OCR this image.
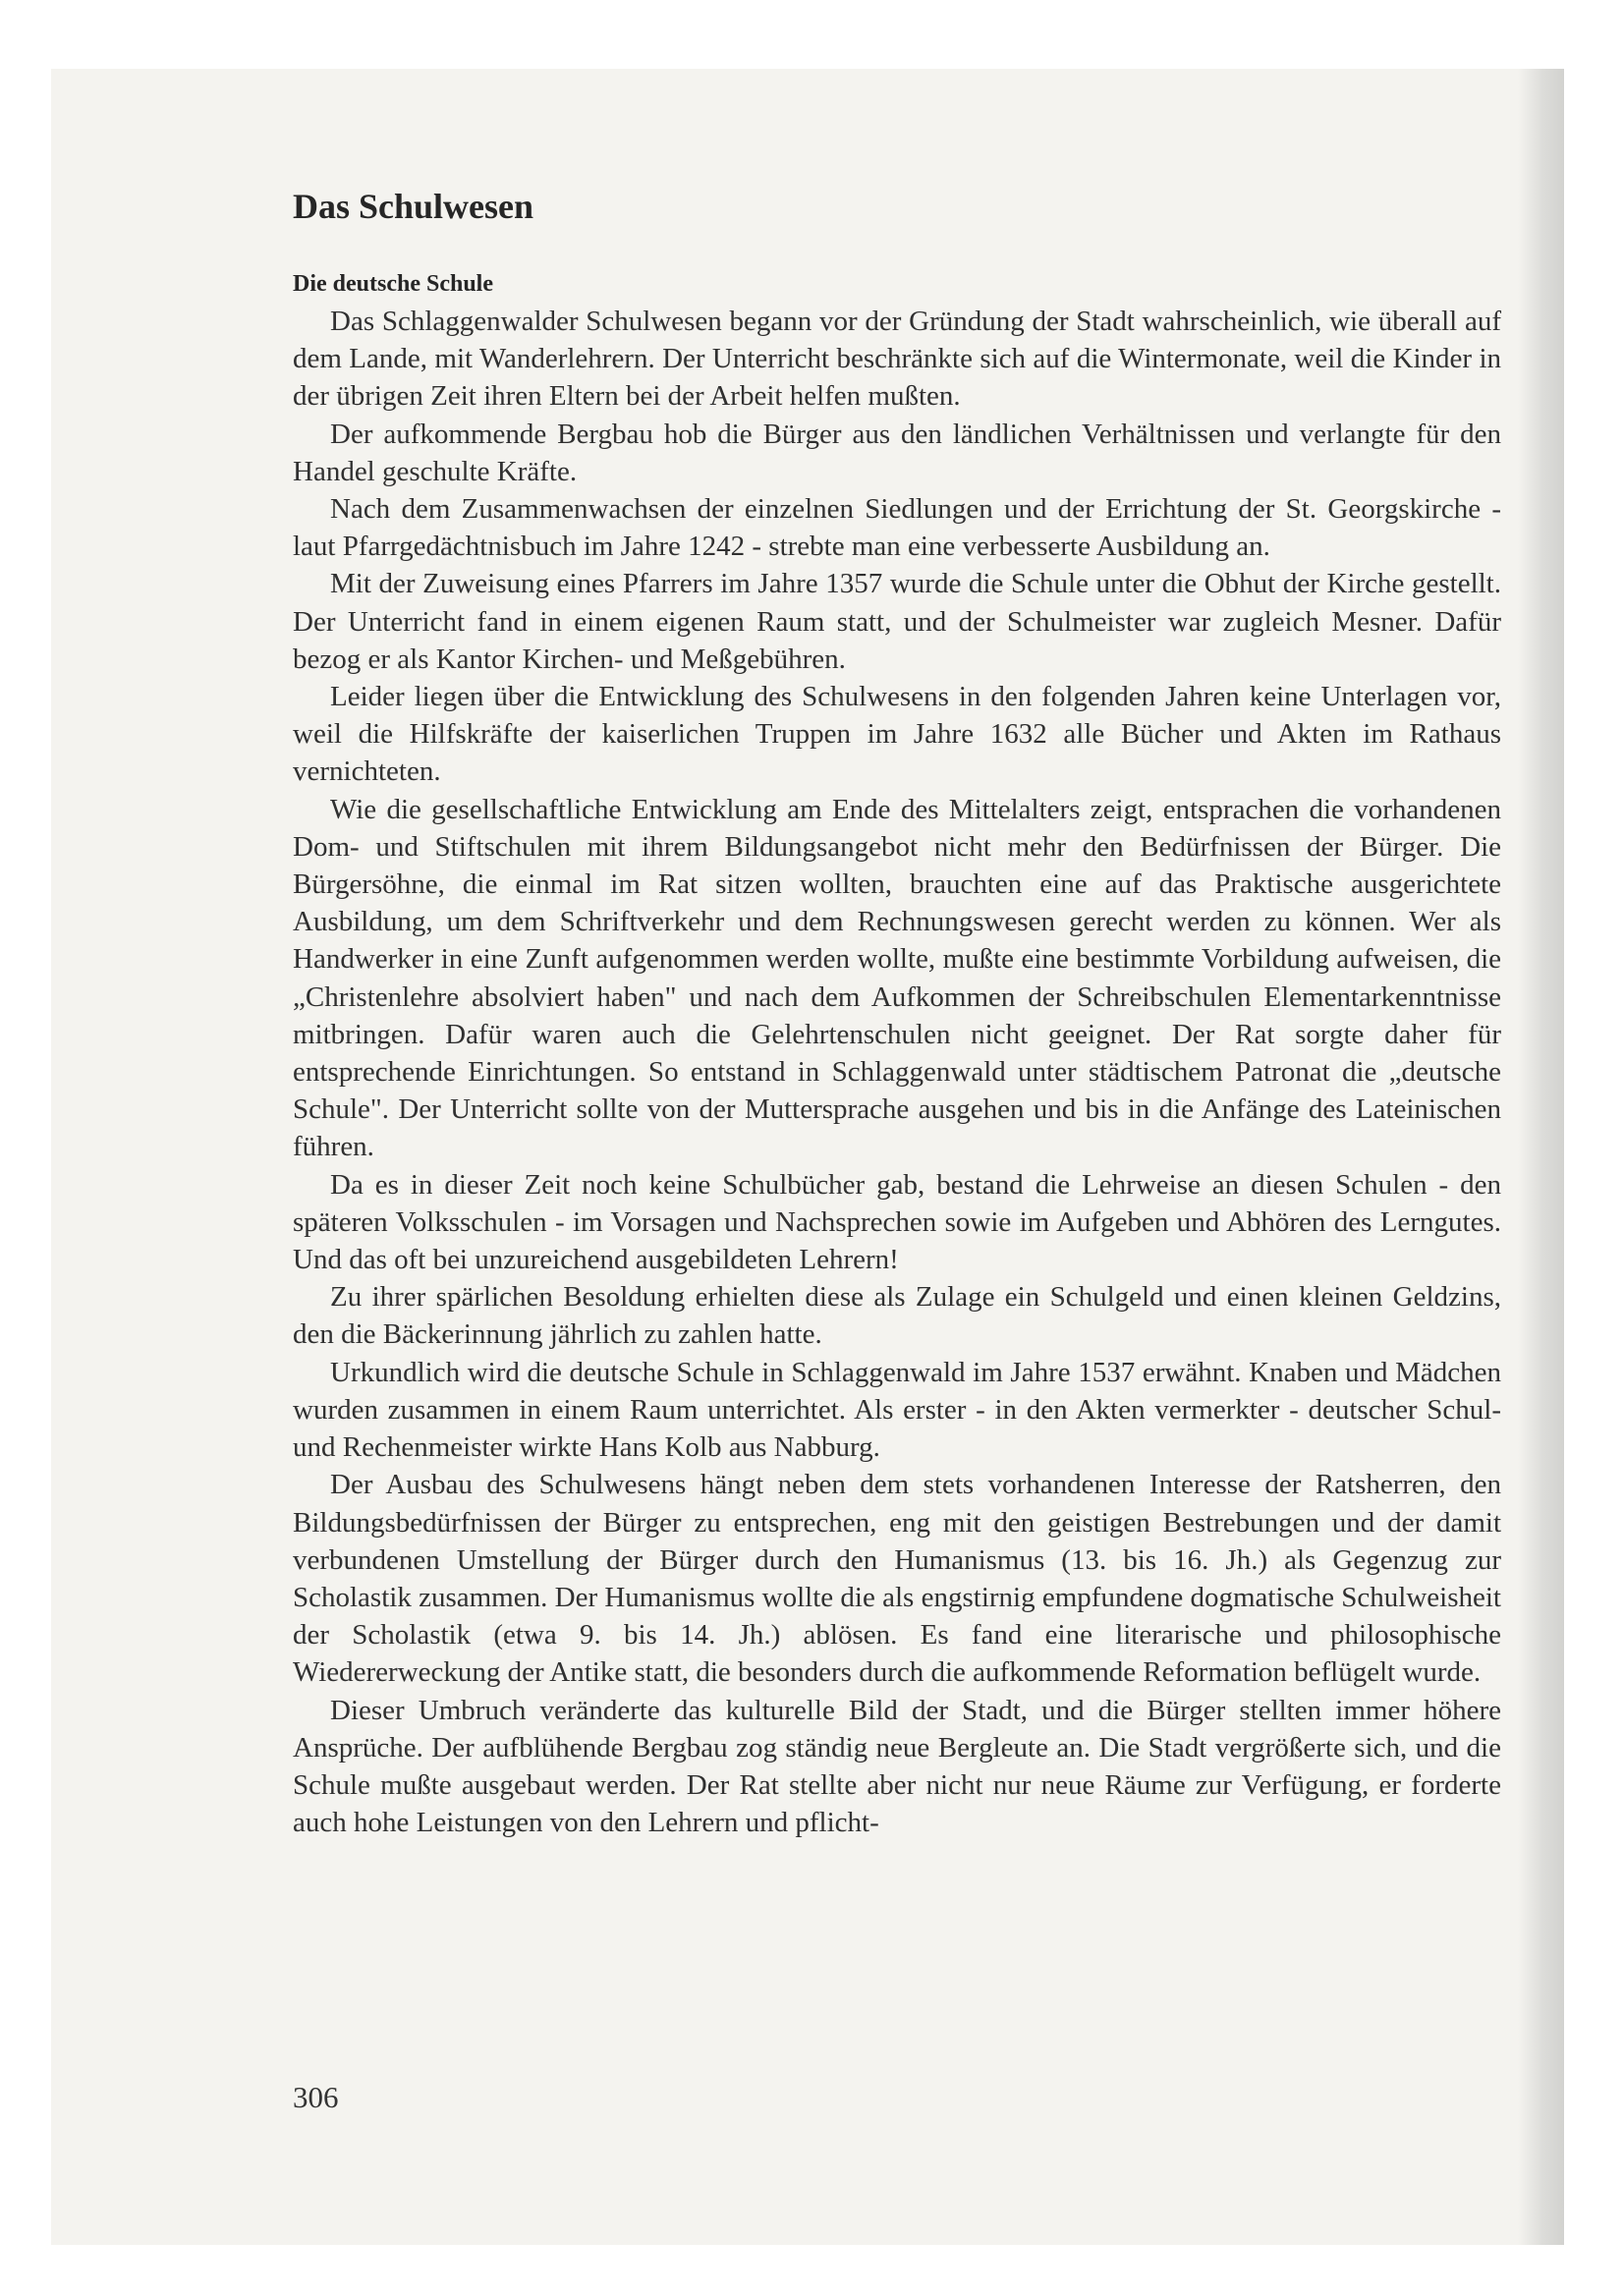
Das Schulwesen
Die deutsche Schule

Das Schlaggenwalder Schulwesen begann vor der Gründung der Stadt wahrscheinlich, wie überall auf dem Lande, mit Wanderlehrern. Der Unterricht beschränkte sich auf die Wintermonate, weil die Kinder in der übrigen Zeit ihren Eltern bei der Arbeit helfen mußten.

Der aufkommende Bergbau hob die Bürger aus den ländlichen Verhältnissen und verlangte für den Handel geschulte Kräfte.

Nach dem Zusammenwachsen der einzelnen Siedlungen und der Errichtung der St. Georgskirche - laut Pfarrgedächtnisbuch im Jahre 1242 - strebte man eine verbesserte Ausbildung an.

Mit der Zuweisung eines Pfarrers im Jahre 1357 wurde die Schule unter die Obhut der Kirche gestellt. Der Unterricht fand in einem eigenen Raum statt, und der Schulmeister war zugleich Mesner. Dafür bezog er als Kantor Kirchen- und Meßgebühren.

Leider liegen über die Entwicklung des Schulwesens in den folgenden Jahren keine Unterlagen vor, weil die Hilfskräfte der kaiserlichen Truppen im Jahre 1632 alle Bücher und Akten im Rathaus vernichteten.

Wie die gesellschaftliche Entwicklung am Ende des Mittelalters zeigt, entsprachen die vorhandenen Dom- und Stiftschulen mit ihrem Bildungsangebot nicht mehr den Bedürfnissen der Bürger. Die Bürgersöhne, die einmal im Rat sitzen wollten, brauchten eine auf das Praktische ausgerichtete Ausbildung, um dem Schriftverkehr und dem Rechnungswesen gerecht werden zu können. Wer als Handwerker in eine Zunft aufgenommen werden wollte, mußte eine bestimmte Vorbildung aufweisen, die „Christenlehre absolviert haben" und nach dem Aufkommen der Schreibschulen Elementarkenntnisse mitbringen. Dafür waren auch die Gelehrtenschulen nicht geeignet. Der Rat sorgte daher für entsprechende Einrichtungen. So entstand in Schlaggenwald unter städtischem Patronat die „deutsche Schule". Der Unterricht sollte von der Muttersprache ausgehen und bis in die Anfänge des Lateinischen führen.

Da es in dieser Zeit noch keine Schulbücher gab, bestand die Lehrweise an diesen Schulen - den späteren Volksschulen - im Vorsagen und Nachsprechen sowie im Aufgeben und Abhören des Lerngutes. Und das oft bei unzureichend ausgebildeten Lehrern!

Zu ihrer spärlichen Besoldung erhielten diese als Zulage ein Schulgeld und einen kleinen Geldzins, den die Bäckerinnung jährlich zu zahlen hatte.

Urkundlich wird die deutsche Schule in Schlaggenwald im Jahre 1537 erwähnt. Knaben und Mädchen wurden zusammen in einem Raum unterrichtet. Als erster - in den Akten vermerkter - deutscher Schul- und Rechenmeister wirkte Hans Kolb aus Nabburg.

Der Ausbau des Schulwesens hängt neben dem stets vorhandenen Interesse der Ratsherren, den Bildungsbedürfnissen der Bürger zu entsprechen, eng mit den geistigen Bestrebungen und der damit verbundenen Umstellung der Bürger durch den Humanismus (13. bis 16. Jh.) als Gegenzug zur Scholastik zusammen. Der Humanismus wollte die als engstirnig empfundene dogmatische Schulweisheit der Scholastik (etwa 9. bis 14. Jh.) ablösen. Es fand eine literarische und philosophische Wiedererweckung der Antike statt, die besonders durch die aufkommende Reformation beflügelt wurde.

Dieser Umbruch veränderte das kulturelle Bild der Stadt, und die Bürger stellten immer höhere Ansprüche. Der aufblühende Bergbau zog ständig neue Bergleute an. Die Stadt vergrößerte sich, und die Schule mußte ausgebaut werden. Der Rat stellte aber nicht nur neue Räume zur Verfügung, er forderte auch hohe Leistungen von den Lehrern und pflicht-

306
